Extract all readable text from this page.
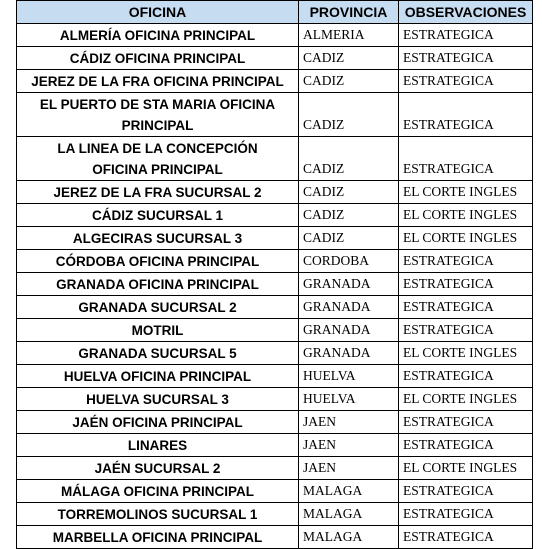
OFICINA	PROVINCIA	OBSERVACIONES
ALMERÍA OFICINA PRINCIPAL	ALMERIA	ESTRATEGICA
CÁDIZ OFICINA PRINCIPAL	CADIZ	ESTRATEGICA
JEREZ DE LA FRA OFICINA PRINCIPAL	CADIZ	ESTRATEGICA
EL PUERTO DE STA MARIA OFICINA PRINCIPAL	CADIZ	ESTRATEGICA
LA LINEA DE LA CONCEPCIÓN OFICINA PRINCIPAL	CADIZ	ESTRATEGICA
JEREZ DE LA FRA SUCURSAL 2	CADIZ	EL CORTE INGLES
CÁDIZ SUCURSAL 1	CADIZ	EL CORTE INGLES
ALGECIRAS SUCURSAL 3	CADIZ	EL CORTE INGLES
CÓRDOBA OFICINA PRINCIPAL	CORDOBA	ESTRATEGICA
GRANADA OFICINA PRINCIPAL	GRANADA	ESTRATEGICA
GRANADA SUCURSAL 2	GRANADA	ESTRATEGICA
MOTRIL	GRANADA	ESTRATEGICA
GRANADA SUCURSAL 5	GRANADA	EL CORTE INGLES
HUELVA OFICINA PRINCIPAL	HUELVA	ESTRATEGICA
HUELVA SUCURSAL 3	HUELVA	EL CORTE INGLES
JAÉN OFICINA PRINCIPAL	JAEN	ESTRATEGICA
LINARES	JAEN	ESTRATEGICA
JAÉN SUCURSAL 2	JAEN	EL CORTE INGLES
MÁLAGA OFICINA PRINCIPAL	MALAGA	ESTRATEGICA
TORREMOLINOS SUCURSAL 1	MALAGA	ESTRATEGICA
MARBELLA OFICINA PRINCIPAL	MALAGA	ESTRATEGICA
